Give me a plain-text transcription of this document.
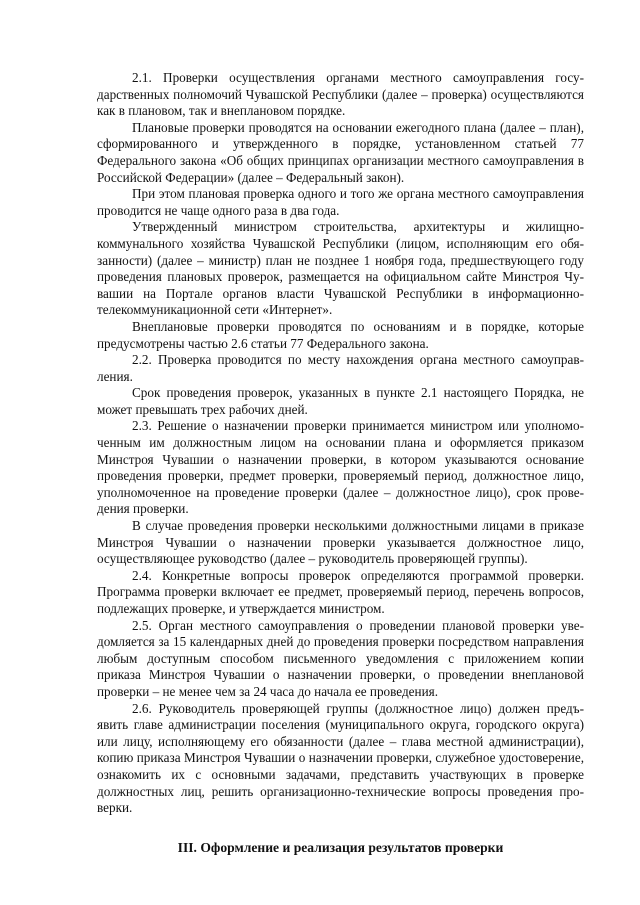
2.1. Проверки осуществления органами местного самоуправления государственных полномочий Чувашской Республики (далее – проверка) осуществляются как в плановом, так и внеплановом порядке.

Плановые проверки проводятся на основании ежегодного плана (далее – план), сформированного и утвержденного в порядке, установленном статьей 77 Федерального закона «Об общих принципах организации местного самоуправления в Российской Федерации» (далее – Федеральный закон).

При этом плановая проверка одного и того же органа местного самоуправления проводится не чаще одного раза в два года.

Утвержденный министром строительства, архитектуры и жилищно-коммунального хозяйства Чувашской Республики (лицом, исполняющим его обязанности) (далее – министр) план не позднее 1 ноября года, предшествующего году проведения плановых проверок, размещается на официальном сайте Минстроя Чувашии на Портале органов власти Чувашской Республики в информационно-телекоммуникационной сети «Интернет».

Внеплановые проверки проводятся по основаниям и в порядке, которые предусмотрены частью 2.6 статьи 77 Федерального закона.

2.2. Проверка проводится по месту нахождения органа местного самоуправления.

Срок проведения проверок, указанных в пункте 2.1 настоящего Порядка, не может превышать трех рабочих дней.

2.3. Решение о назначении проверки принимается министром или уполномоченным им должностным лицом на основании плана и оформляется приказом Минстроя Чувашии о назначении проверки, в котором указываются основание проведения проверки, предмет проверки, проверяемый период, должностное лицо, уполномоченное на проведение проверки (далее – должностное лицо), срок проведения проверки.

В случае проведения проверки несколькими должностными лицами в приказе Минстроя Чувашии о назначении проверки указывается должностное лицо, осуществляющее руководство (далее – руководитель проверяющей группы).

2.4. Конкретные вопросы проверок определяются программой проверки. Программа проверки включает ее предмет, проверяемый период, перечень вопросов, подлежащих проверке, и утверждается министром.

2.5. Орган местного самоуправления о проведении плановой проверки уведомляется за 15 календарных дней до проведения проверки посредством направления любым доступным способом письменного уведомления с приложением копии приказа Минстроя Чувашии о назначении проверки, о проведении внеплановой проверки – не менее чем за 24 часа до начала ее проведения.

2.6. Руководитель проверяющей группы (должностное лицо) должен предъявить главе администрации поселения (муниципального округа, городского округа) или лицу, исполняющему его обязанности (далее – глава местной администрации), копию приказа Минстроя Чувашии о назначении проверки, служебное удостоверение, ознакомить их с основными задачами, представить участвующих в проверке должностных лиц, решить организационно-технические вопросы проведения проверки.

III. Оформление и реализация результатов проверки
